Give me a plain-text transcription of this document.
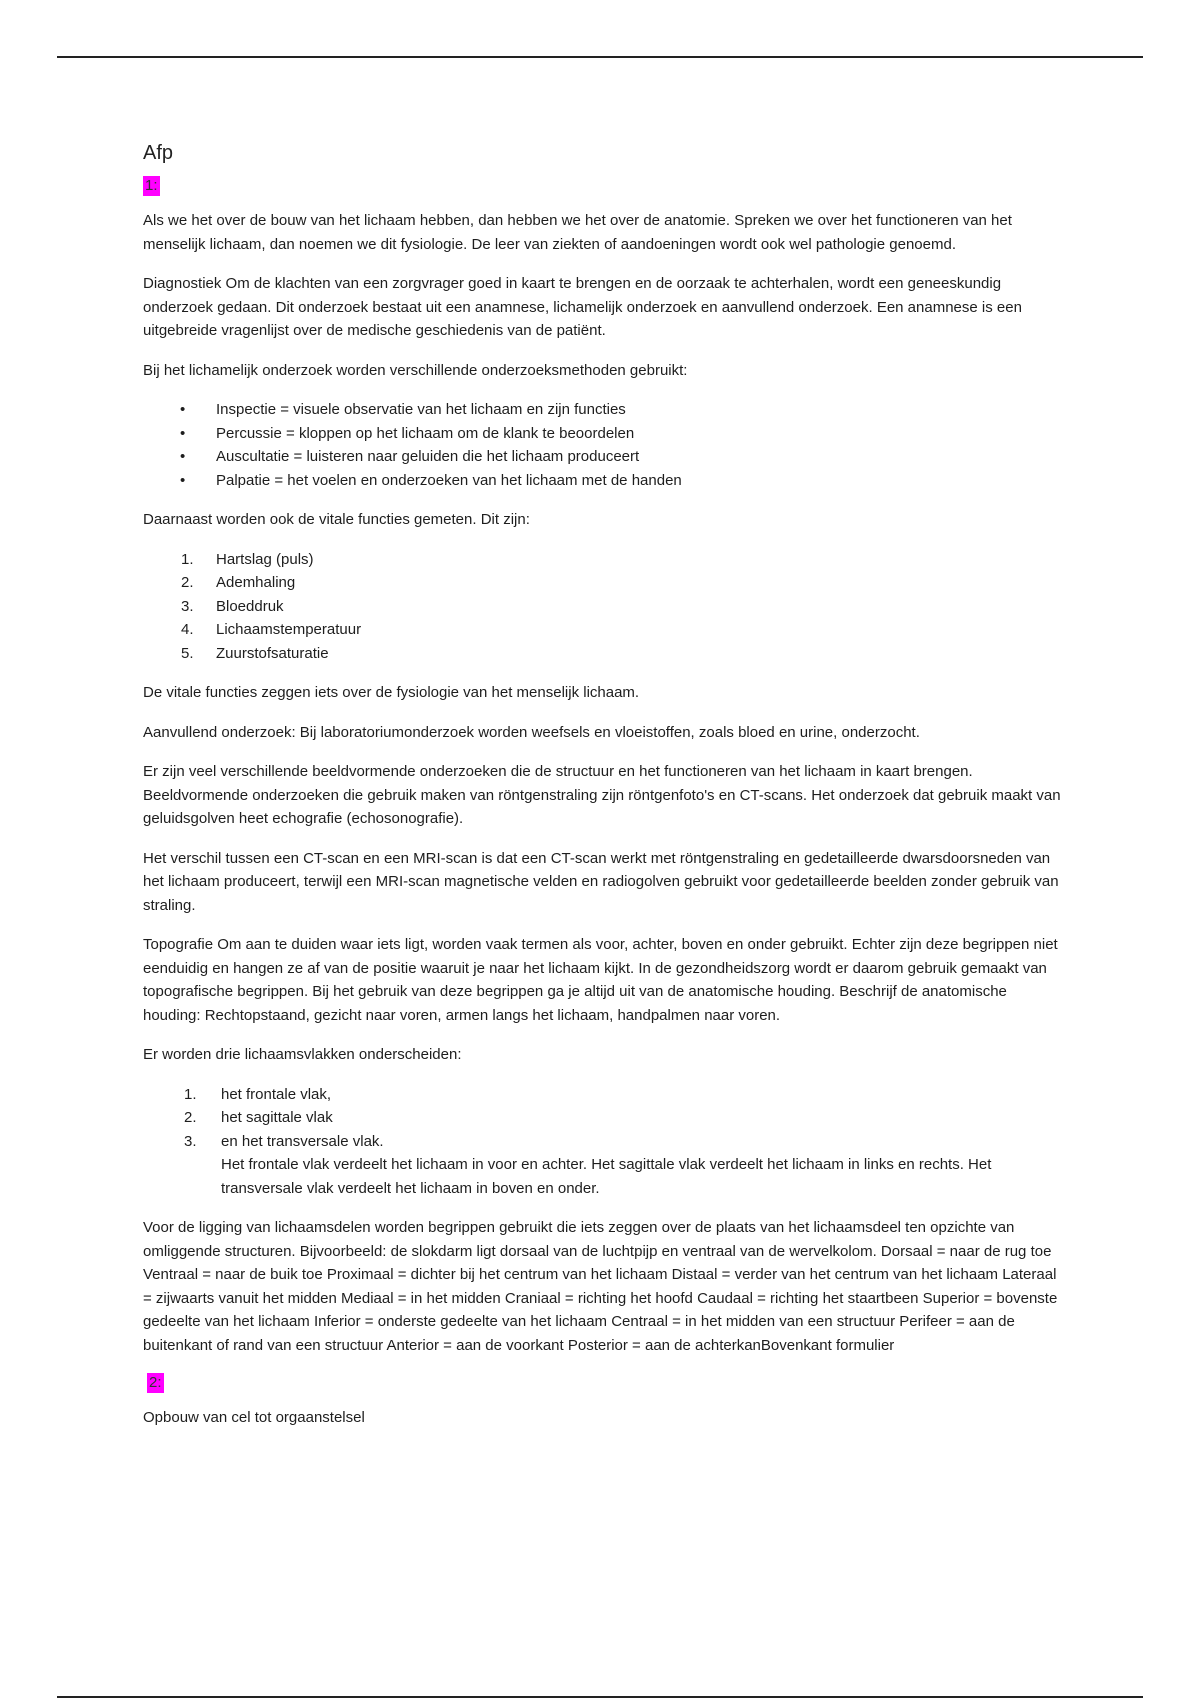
Afp
1:

Als we het over de bouw van het lichaam hebben, dan hebben we het over de anatomie. Spreken we over het functioneren van het menselijk lichaam, dan noemen we dit fysiologie. De leer van ziekten of aandoeningen wordt ook wel pathologie genoemd.

Diagnostiek Om de klachten van een zorgvrager goed in kaart te brengen en de oorzaak te achterhalen, wordt een geneeskundig onderzoek gedaan. Dit onderzoek bestaat uit een anamnese, lichamelijk onderzoek en aanvullend onderzoek. Een anamnese is een uitgebreide vragenlijst over de medische geschiedenis van de patiënt.

Bij het lichamelijk onderzoek worden verschillende onderzoeksmethoden gebruikt:

• Inspectie = visuele observatie van het lichaam en zijn functies
• Percussie = kloppen op het lichaam om de klank te beoordelen
• Auscultatie = luisteren naar geluiden die het lichaam produceert
• Palpatie = het voelen en onderzoeken van het lichaam met de handen

Daarnaast worden ook de vitale functies gemeten. Dit zijn:

1. Hartslag (puls)
2. Ademhaling
3. Bloeddruk
4. Lichaamstemperatuur
5. Zuurstofsaturatie

De vitale functies zeggen iets over de fysiologie van het menselijk lichaam.

Aanvullend onderzoek: Bij laboratoriumonderzoek worden weefsels en vloeistoffen, zoals bloed en urine, onderzocht.

Er zijn veel verschillende beeldvormende onderzoeken die de structuur en het functioneren van het lichaam in kaart brengen. Beeldvormende onderzoeken die gebruik maken van röntgenstraling zijn röntgenfoto's en CT-scans. Het onderzoek dat gebruik maakt van geluidsgolven heet echografie (echosonografie).

Het verschil tussen een CT-scan en een MRI-scan is dat een CT-scan werkt met röntgenstraling en gedetailleerde dwarsdoorsneden van het lichaam produceert, terwijl een MRI-scan magnetische velden en radiogolven gebruikt voor gedetailleerde beelden zonder gebruik van straling.

Topografie Om aan te duiden waar iets ligt, worden vaak termen als voor, achter, boven en onder gebruikt. Echter zijn deze begrippen niet eenduidig en hangen ze af van de positie waaruit je naar het lichaam kijkt. In de gezondheidszorg wordt er daarom gebruik gemaakt van topografische begrippen. Bij het gebruik van deze begrippen ga je altijd uit van de anatomische houding. Beschrijf de anatomische houding: Rechtopstaand, gezicht naar voren, armen langs het lichaam, handpalmen naar voren.

Er worden drie lichaamsvlakken onderscheiden:

1. het frontale vlak,
2. het sagittale vlak
3. en het transversale vlak.
Het frontale vlak verdeelt het lichaam in voor en achter. Het sagittale vlak verdeelt het lichaam in links en rechts. Het transversale vlak verdeelt het lichaam in boven en onder.

Voor de ligging van lichaamsdelen worden begrippen gebruikt die iets zeggen over de plaats van het lichaamsdeel ten opzichte van omliggende structuren. Bijvoorbeeld: de slokdarm ligt dorsaal van de luchtpijp en ventraal van de wervelkolom. Dorsaal = naar de rug toe Ventraal = naar de buik toe Proximaal = dichter bij het centrum van het lichaam Distaal = verder van het centrum van het lichaam Lateraal = zijwaarts vanuit het midden Mediaal = in het midden Craniaal = richting het hoofd Caudaal = richting het staartbeen Superior = bovenste gedeelte van het lichaam Inferior = onderste gedeelte van het lichaam Centraal = in het midden van een structuur Perifeer = aan de buitenkant of rand van een structuur Anterior = aan de voorkant Posterior = aan de achterkanBovenkant formulier

2:

Opbouw van cel tot orgaanstelsel
